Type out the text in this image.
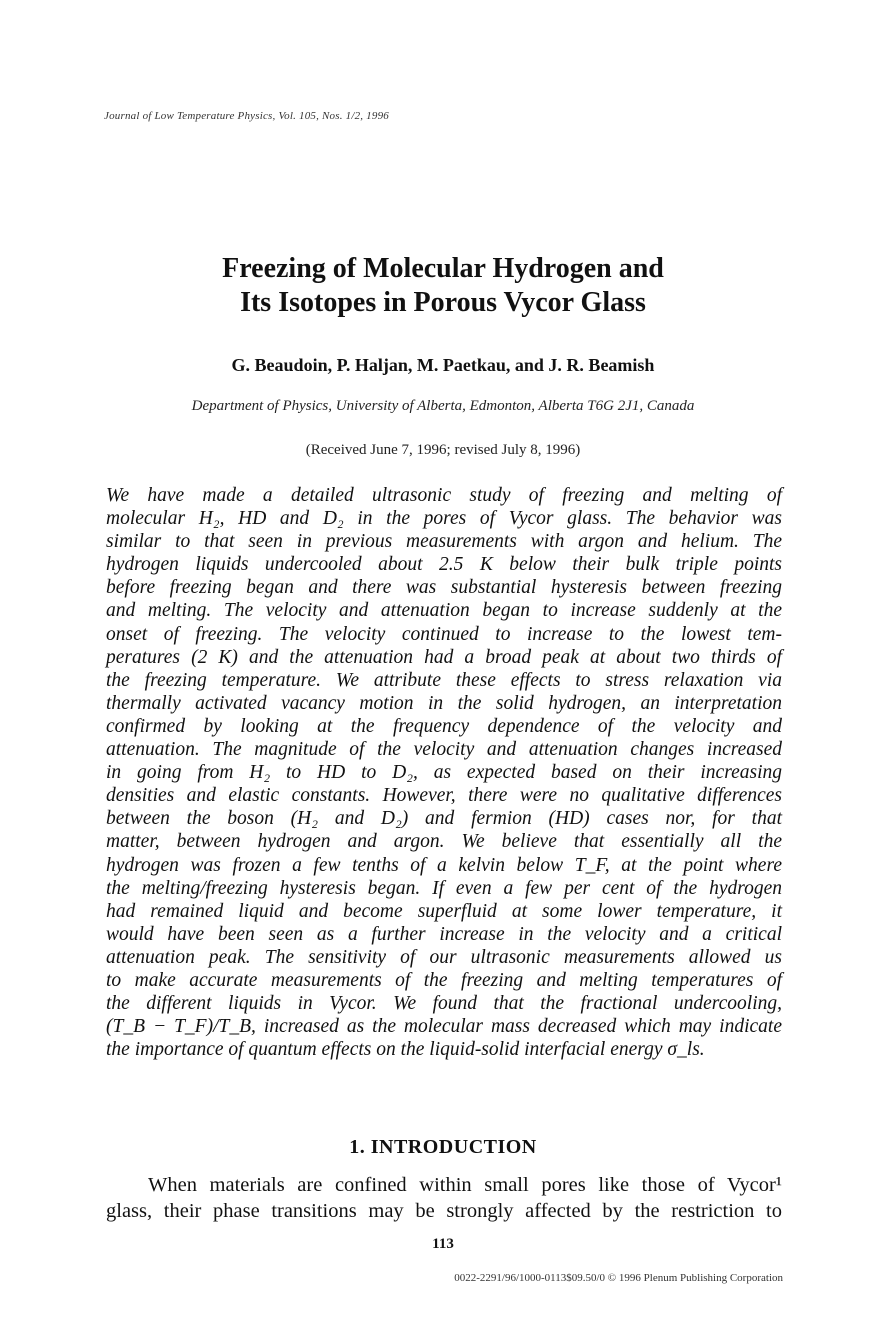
Journal of Low Temperature Physics, Vol. 105, Nos. 1/2, 1996
Freezing of Molecular Hydrogen and
Its Isotopes in Porous Vycor Glass
G. Beaudoin, P. Haljan, M. Paetkau, and J. R. Beamish
Department of Physics, University of Alberta, Edmonton, Alberta T6G 2J1, Canada
(Received June 7, 1996; revised July 8, 1996)
We have made a detailed ultrasonic study of freezing and melting of
molecular H₂, HD and D₂ in the pores of Vycor glass. The behavior was
similar to that seen in previous measurements with argon and helium. The
hydrogen liquids undercooled about 2.5 K below their bulk triple points
before freezing began and there was substantial hysteresis between freezing
and melting. The velocity and attenuation began to increase suddenly at the
onset of freezing. The velocity continued to increase to the lowest tem-
peratures (2 K) and the attenuation had a broad peak at about two thirds of
the freezing temperature. We attribute these effects to stress relaxation via
thermally activated vacancy motion in the solid hydrogen, an interpretation
confirmed by looking at the frequency dependence of the velocity and
attenuation. The magnitude of the velocity and attenuation changes increased
in going from H₂ to HD to D₂, as expected based on their increasing
densities and elastic constants. However, there were no qualitative differences
between the boson (H₂ and D₂) and fermion (HD) cases nor, for that
matter, between hydrogen and argon. We believe that essentially all the
hydrogen was frozen a few tenths of a kelvin below T_F, at the point where
the melting/freezing hysteresis began. If even a few per cent of the hydrogen
had remained liquid and become superfluid at some lower temperature, it
would have been seen as a further increase in the velocity and a critical
attenuation peak. The sensitivity of our ultrasonic measurements allowed us
to make accurate measurements of the freezing and melting temperatures of
the different liquids in Vycor. We found that the fractional undercooling,
(T_B − T_F)/T_B, increased as the molecular mass decreased which may indicate
the importance of quantum effects on the liquid-solid interfacial energy σ_ls.
1. INTRODUCTION
When materials are confined within small pores like those of Vycor¹
glass, their phase transitions may be strongly affected by the restriction to
113
0022-2291/96/1000-0113$09.50/0 © 1996 Plenum Publishing Corporation
